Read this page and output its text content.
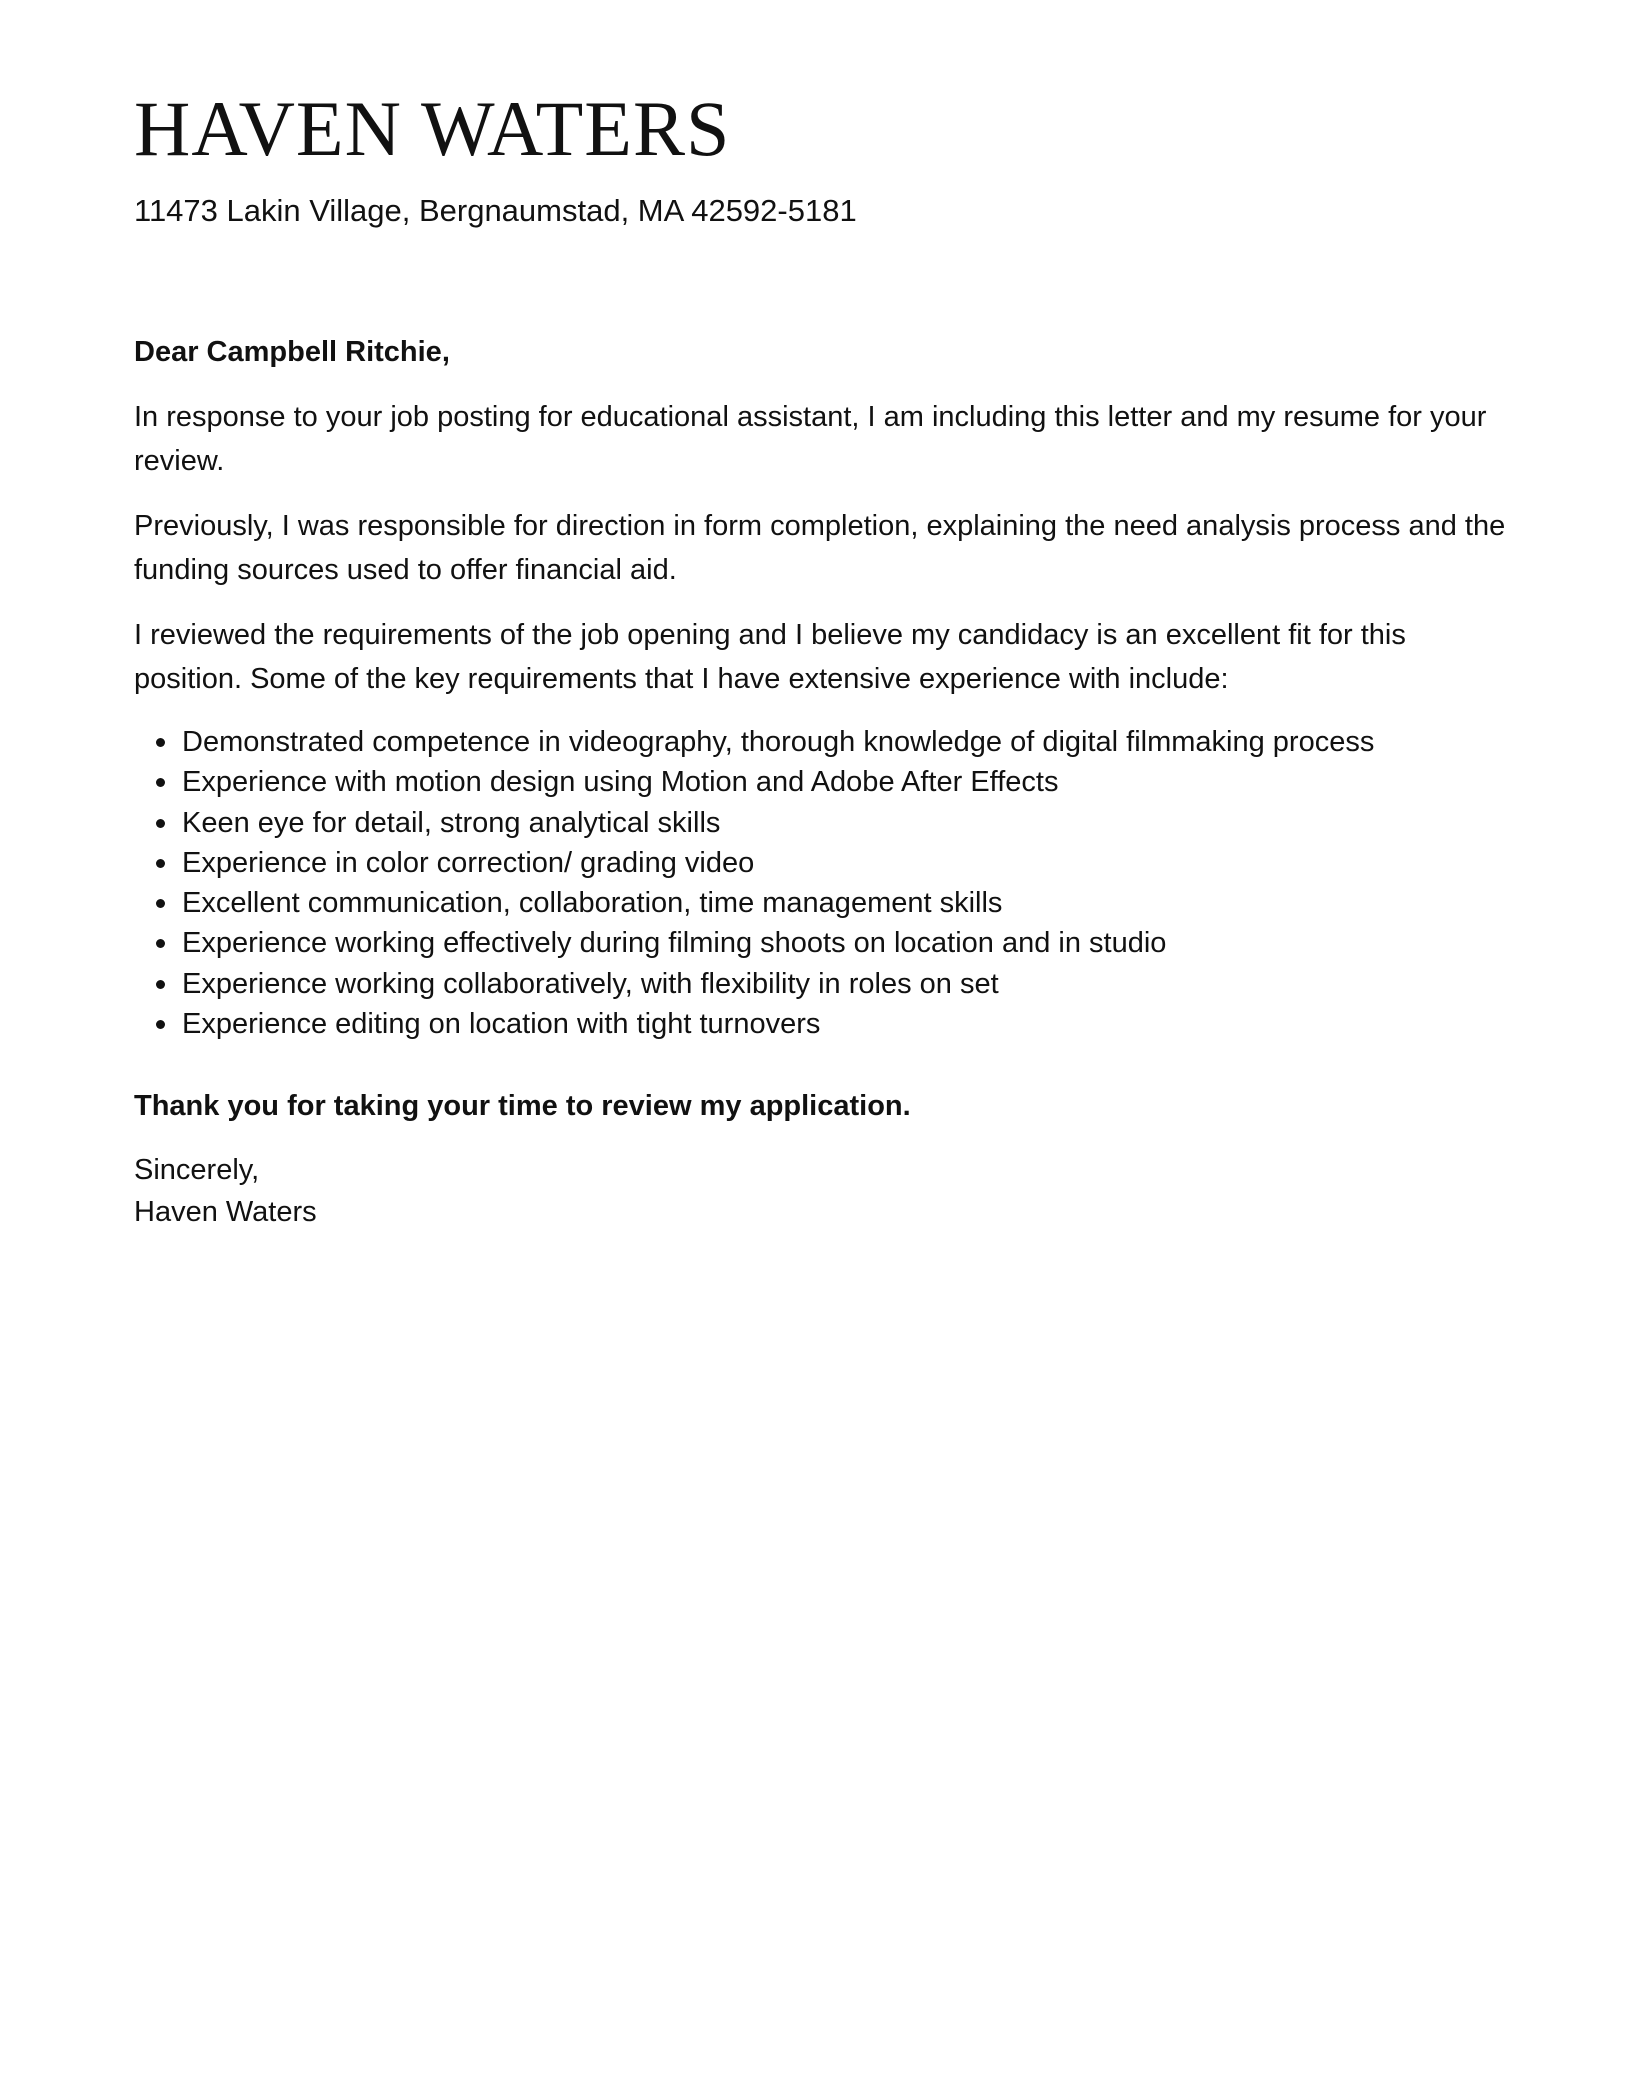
HAVEN WATERS
11473 Lakin Village, Bergnaumstad, MA 42592-5181

Dear Campbell Ritchie,

In response to your job posting for educational assistant, I am including this letter and my resume for your review.

Previously, I was responsible for direction in form completion, explaining the need analysis process and the funding sources used to offer financial aid.

I reviewed the requirements of the job opening and I believe my candidacy is an excellent fit for this position. Some of the key requirements that I have extensive experience with include:

Demonstrated competence in videography, thorough knowledge of digital filmmaking process
Experience with motion design using Motion and Adobe After Effects
Keen eye for detail, strong analytical skills
Experience in color correction/ grading video
Excellent communication, collaboration, time management skills
Experience working effectively during filming shoots on location and in studio
Experience working collaboratively, with flexibility in roles on set
Experience editing on location with tight turnovers

Thank you for taking your time to review my application.

Sincerely,
Haven Waters
